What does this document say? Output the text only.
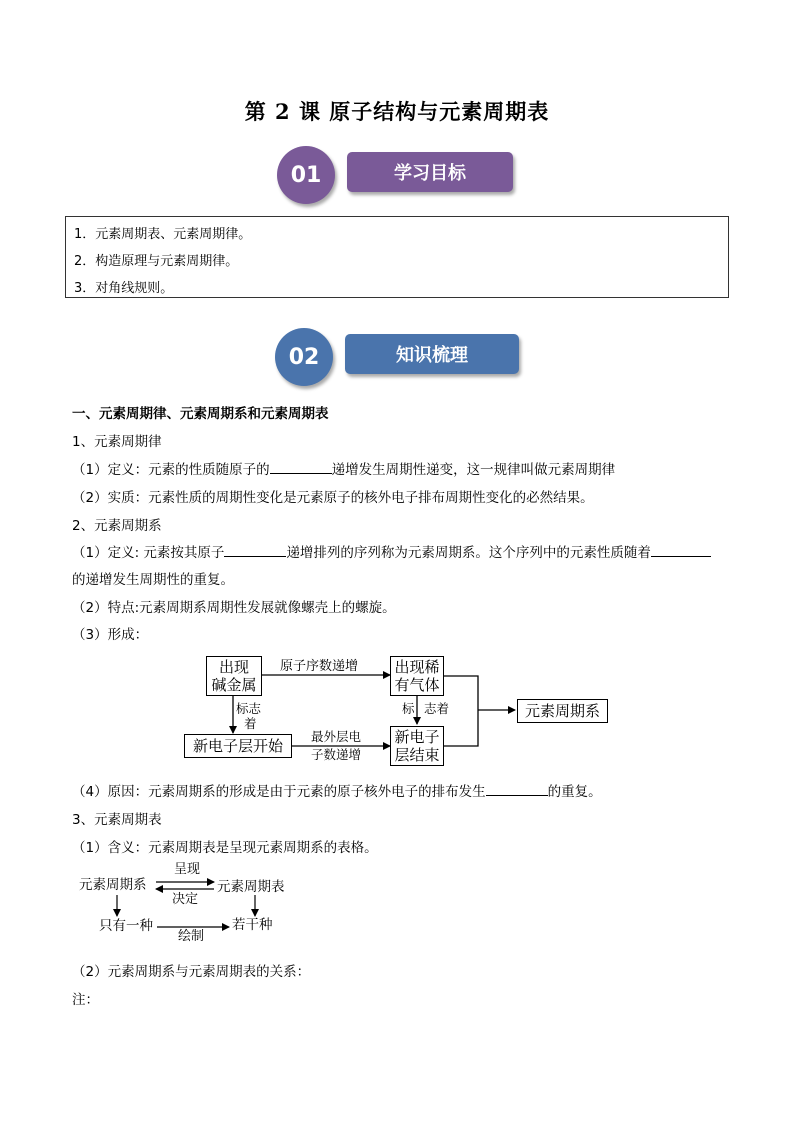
第 2 课 原子结构与元素周期表
学习目标
01
1．元素周期表、元素周期律。
2．构造原理与元素周期律。
3．对角线规则。
知识梳理
02
一、元素周期律、元素周期系和元素周期表
1、元素周期律
（1）定义：元素的性质随原子的	递增发生周期性递变，这一规律叫做元素周期律
（2）实质：元素性质的周期性变化是元素原子的核外电子排布周期性变化的必然结果。
2、元素周期系
（1）定义: 元素按其原子	递增排列的序列称为元素周期系。这个序列中的元素性质随着
的递增发生周期性的重复。
（2）特点:元素周期系周期性发展就像螺壳上的螺旋。
（3）形成：
出现
碱金属
出现稀
有气体
新电子层开始	新电子
层结束
元素周期系
原子序数递增
标志
着
最外层电
子数递增
标 志着
（4）原因：元素周期系的形成是由于元素的原子核外电子的排布发生	的重复。
3、元素周期表
（1）含义：元素周期表是呈现元素周期系的表格。
元素周期系	元素周期表
呈现
决定
只有一种	若干种
绘制
（2）元素周期系与元素周期表的关系：
注：
